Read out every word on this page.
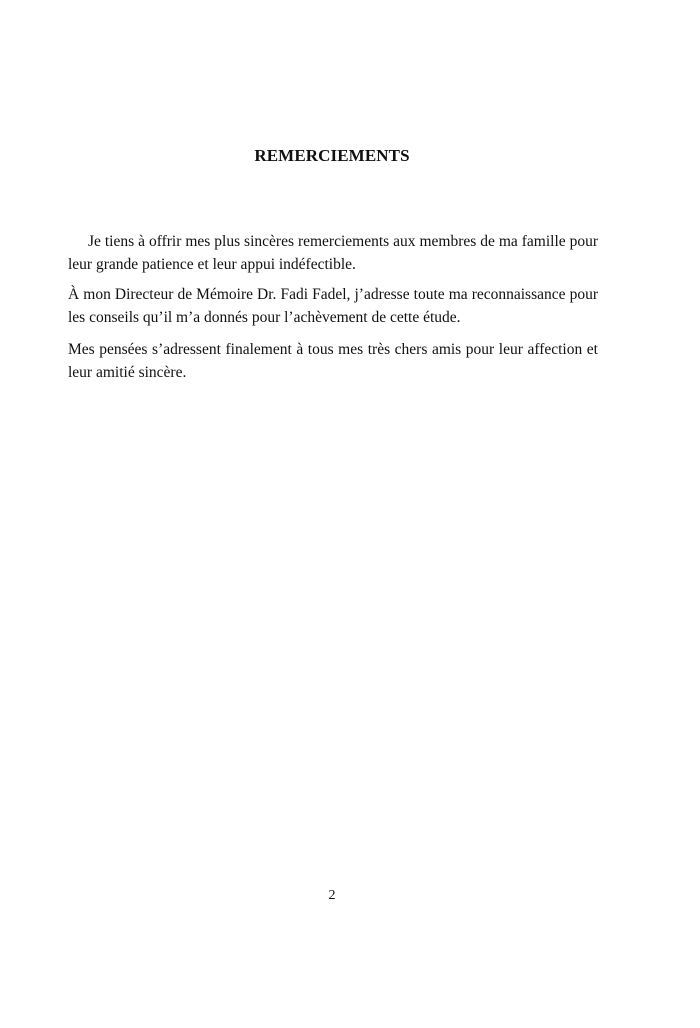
REMERCIEMENTS

Je tiens à offrir mes plus sincères remerciements aux membres de ma famille pour leur grande patience et leur appui indéfectible.

À mon Directeur de Mémoire Dr. Fadi Fadel, j’adresse toute ma reconnaissance pour les conseils qu’il m’a donnés pour l’achèvement de cette étude.

Mes pensées s’adressent finalement à tous mes très chers amis pour leur affection et leur amitié sincère.

2
